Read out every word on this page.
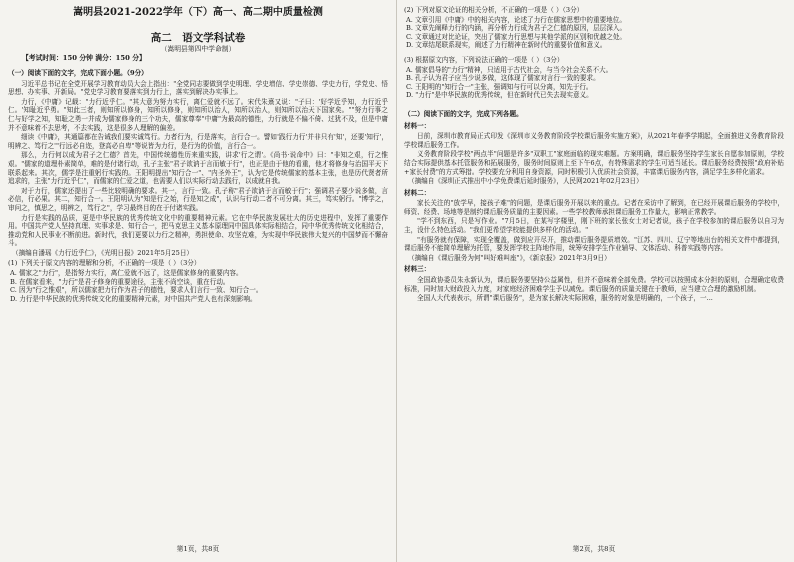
嵩明县2021-2022学年（下）高一、高二期中质量检测
高二　语文学科试卷
（嵩明县第四中学命制）
【考试时间：150 分钟 满分：150 分】
（一）阅读下面的文字，完成下面小题。（9分）

习近平总书记在全党开展学习教育动员大会上指出："全党同志要做到学史明理、学史增信、学史崇德、学史力行，学党史、悟思想、办实事、开新局。"党史学习教育要落实到力行上，落实到解决办实事上。

力行，《中庸》记载："力行近乎仁。"其大意为努力实行，离仁爱就不远了。宋代朱熹又说："子曰：'好学近乎知，力行近乎仁。'知耻近乎勇。"知此三者，则知所以修身，知所以修身，则知所以治人，知所以治人，则知所以治天下国家矣。""努力行事之仁与好学之知，知耻之勇一并成为儒家修身的三个功夫，儒家尊奉"中庸"为最高的德性，力行就是不偏不倚、过犹不及，但是中庸并不意味着不去思考，不去实践，这是很多人理解的偏差。

细读《中庸》，其通篇都在告诫我们要实诚笃行。力者行为，行是落实，言行合一。譬如'践行力行'并非只有'知'，还要'知行'，明辨之、笃行之'"行远必自迩，登高必自卑"等说皆为力行，是行为的价值，言行合一。

那么，力行何以成为君子之仁德？首先，中国传统德性历来重实践，讲求'行之谓'。《尚书·说命中》曰："非知之艰，行之惟艰。"儒家的道理朴素简单，难的是付诸行动，孔子主张"君子欲讷于言而敏于行"，也正是由于他的看重，他才将修身与治国平天下联系起来。其次，儒学是注重躬行实践的。王阳明提出"知行合一"、"内圣外王"，认为它是传统儒家的基本主张，也是历代贤者所追求的，主张"力行近乎仁"，而儒家的仁爱之道，也需要人们以实际行动去践行，以成就自我。

对于力行，儒家还提出了一些比较明确的要求。其一，言行一致。孔子称"君子欲讷于言而敏于行"；强调君子要少说多做，言必信，行必果。其二，知行合一。王阳明认为"知是行之始，行是知之成"，认识与行动二者不可分离。其三，笃实躬行。"博学之，审问之，慎思之，明辨之，笃行之"，学习最终目的在于付诸实践。

力行是实践的品质，更是中华民族的优秀传统文化中的重要精神元素。它在中华民族发展壮大的历史进程中，发挥了重要作用。中国共产党人坚持真理、实事求是、知行合一，把马克思主义基本原理同中国具体实际相结合，同中华优秀传统文化相结合，推动党和人民事业不断前进。新时代，我们更要以力行之精神，勇担使命、攻坚克难，为实现中华民族伟大复兴的中国梦而不懈奋斗。

（摘编自潘瑶《力行近乎仁》，《光明日报》2021年5月25日）
(1) 下列关于原文内容的理解和分析，不正确的一项是（ ）（3分）
A. 儒家之"力行"，是指努力实行，离仁爱就不远了，这是儒家修身的重要内容。
B. 在儒家看来，"力行"是君子修身的重要途径，主张不尚空谈，重在行动。
C. 因为"行之惟艰"，所以儒家把力行作为君子的德性，要求人们言行一致、知行合一。
D. 力行是中华民族的优秀传统文化的重要精神元素，对中国共产党人也有深刻影响。
第1页，共8页
(2) 下列对原文论证的相关分析，不正确的一项是（ ）（3分）
A. 文章引用《中庸》中的相关内容，论述了力行在儒家思想中的重要地位。
B. 文章先阐释力行的内涵，再分析力行成为君子之仁德的原因，层层深入。
C. 文章通过对比论证，突出了儒家力行思想与其他学派的区别和优越之处。
D. 文章结尾联系现实，阐述了力行精神在新时代的重要价值和意义。
(3) 根据原文内容，下列说法正确的一项是（ ）（3分）
A. 儒家倡导的"力行"精神，只适用于古代社会，与当今社会关系不大。
B. 孔子认为君子应当少说多做，这体现了儒家对言行一致的要求。
C. 王阳明的"知行合一"主张，强调知与行可以分离，知先于行。
D. "力行"是中华民族的优秀传统，但在新时代已失去现实意义。
（二）阅读下面的文字，完成下列各题。
材料一：

日前，深圳市教育局正式印发《深圳市义务教育阶段学校课后服务实施方案》，从2021年春季学期起，全面推进义务教育阶段学校课后服务工作。

义务教育阶段学校"两点半"问题是许多"双职工"家庭面临的现实难题。方案明确，课后服务坚持学生家长自愿参加原则，学校结合实际提供基本托管服务和拓展服务，服务时间原则上至下午6点，有特殊需求的学生可适当延长。课后服务经费按照"政府补贴+家长付费"的方式筹措。学校要充分利用自身资源，同时积极引入优质社会资源，丰富课后服务内容，满足学生多样化需求。

（摘编自《深圳正式推出中小学免费课后延时服务》，人民网2021年02月23日）
材料二：

家长关注的"放学早，接孩子难"的问题，是课后服务开展以来的重点。记者在采访中了解到，在已经开展课后服务的学校中，师资、经费、场地等是制约课后服务质量的主要因素。一些学校教师承担课后服务工作量大，影响正常教学。

"学不到东西，只是写作业。"7月5日，在某写字楼里，刚下班的家长张女士对记者说，孩子在学校参加的课后服务以自习为主，没什么特色活动。"我们更希望学校能提供多样化的活动。"

"有服务就有保障，实现全覆盖，做到应开尽开，推动课后服务提质增效。"江苏、四川、辽宁等地出台的相关文件中都提到，课后服务不能简单理解为托管，要发挥学校主阵地作用，统筹安排学生作业辅导、文体活动、科普实践等内容。

（摘编自《课后服务为何"叫好难叫座"》，《新京报》2021年3月9日）
材料三：

全国政协委员朱永新认为，课后服务要坚持公益属性，但并不意味着全部免费。学校可以按照成本分担的原则，合理确定收费标准，同时加大财政投入力度，对家庭经济困难学生予以减免。课后服务的质量关键在于教师，应当建立合理的激励机制。

全国人大代表表示，所谓"课后服务"，是为家长解决实际困难，服务的对象是明确的，一个孩子，一...

第2页，共8页
